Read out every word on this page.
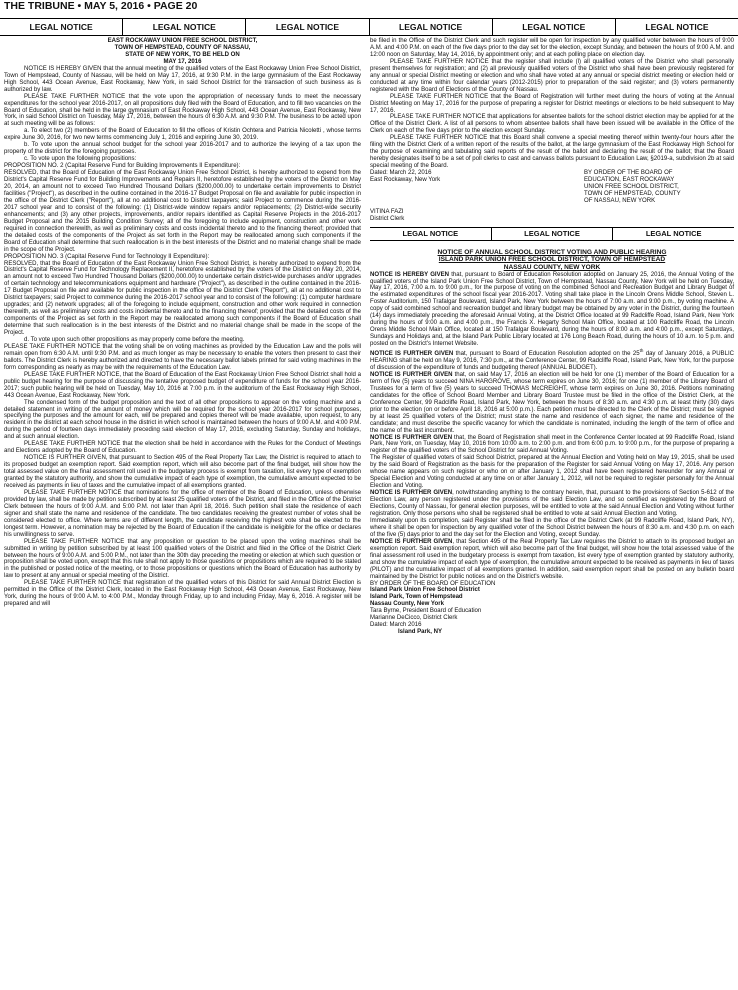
THE TRIBUNE • MAY 5, 2016 • PAGE 20
LEGAL NOTICE	LEGAL NOTICE	LEGAL NOTICE	LEGAL NOTICE	LEGAL NOTICE	LEGAL NOTICE

EAST ROCKAWAY UNION FREE SCHOOL DISTRICT,

TOWN OF HEMPSTEAD, COUNTY OF NASSAU,

STATE OF NEW YORK, TO BE HELD ON

MAY 17, 2016

NOTICE IS HEREBY GIVEN that the annual meeting of the qualified voters of the East Rockaway Union Free School District, Town of Hempstead, County of Nassau, will be held on May 17, 2016, at 9:30 P.M. in the large gymnasium of the East Rockaway High School, 443 Ocean Avenue, East Rockaway, New York, in said School District for the transaction of such business as is authorized by law.

PLEASE TAKE FURTHER NOTICE that the vote upon the appropriation of necessary funds to meet the necessary expenditures for the school year 2016-2017, on all propositions duly filed with the Board of Education, and to fill two vacancies on the Board of Education, shall be held in the large gymnasium of East Rockaway High School, 443 Ocean Avenue, East Rockaway, New York, in said School District on Tuesday, May 17, 2016, between the hours of 6:30 A.M. and 9:30 P.M. The business to be acted upon at such meeting will be as follows:

a. To elect two (2) members of the Board of Education to fill the offices of Kristin Ochtera and Patricia Nicoletti , whose terms expire June 30, 2016, for two new terms commencing July 1, 2016 and expiring June 30, 2019.

b. To vote upon the annual school budget for the school year 2016-2017 and to authorize the levying of a tax upon the property of the district for the foregoing purposes.

c. To vote upon the following propositions:

PROPOSITION NO. 2 (Capital Reserve Fund for Building Improvements II Expenditure):

RESOLVED, that the Board of Education of the East Rockaway Union Free School District, is hereby authorized to expend from the District's Capital Reserve Fund for Building Improvements and Repairs II, heretofore established by the voters of the District on May 20, 2014, an amount not to exceed Two Hundred Thousand Dollars ($200,000.00) to undertake certain improvements to District facilities ("Project"), as described in the outline contained in the 2016-17 Budget Proposal on file and available for public inspection in the office of the District Clerk ("Report"), all at no additional cost to District taxpayers; said Project to commence during the 2016-2017 school year and to consist of the following: (1) District-wide window repairs and/or replacements; (2) District-wide security enhancements; and (3) any other projects, improvements, and/or repairs identified as Capital Reserve Projects in the 2016-2017 Budget Proposal and the 2015 Building Condition Survey; all of the foregoing to include equipment, construction and other work required in connection therewith, as well as preliminary costs and costs incidental thereto and to the financing thereof; provided that the detailed costs of the components of the Project as set forth in the Report may be reallocated among such components if the Board of Education shall determine that such reallocation is in the best interests of the District and no material change shall be made in the scope of the Project.

PROPOSITION NO. 3 (Capital Reserve Fund for Technology II Expenditure):

RESOLVED, that the Board of Education of the East Rockaway Union Free School District, is hereby authorized to expend from the District's Capital Reserve Fund for Technology Replacement II, heretofore established by the voters of the District on May 20, 2014, an amount not to exceed Two Hundred Thousand Dollars ($200,000.00) to undertake certain district-wide purchases and/or upgrades of certain technology and telecommunications equipment and hardware ("Project"), as described in the outline contained in the 2016-17 Budget Proposal on file and available for public inspection in the office of the District Clerk ("Report"), all at no additional cost to District taxpayers; said Project to commence during the 2016-2017 school year and to consist of the following: (1) computer hardware upgrades; and (2) network upgrades; all of the foregoing to include equipment, construction and other work required in connection therewith, as well as preliminary costs and costs incidental thereto and to the financing thereof; provided that the detailed costs of the components of the Project as set forth in the Report may be reallocated among such components if the Board of Education shall determine that such reallocation is in the best interests of the District and no material change shall be made in the scope of the Project.

d. To vote upon such other propositions as may properly come before the meeting.

PLEASE TAKE FURTHER NOTICE that the voting shall be on voting machines as provided by the Education Law and the polls will remain open from 6:30 A.M. until 9:30 P.M. and as much longer as may be necessary to enable the voters then present to cast their ballots. The District Clerk is hereby authorized and directed to have the necessary ballot labels printed for said voting machines in the form corresponding as nearly as may be with the requirements of the Education Law.

PLEASE TAKE FURTHER NOTICE, that the Board of Education of the East Rockaway Union Free School District shall hold a public budget hearing for the purpose of discussing the tentative proposed budget of expenditure of funds for the school year 2016-2017; such public hearing will be held on Tuesday, May 10, 2016 at 7:00 p.m. in the auditorium of the East Rockaway High School, 443 Ocean Avenue, East Rockaway, New York.

The condensed form of the budget proposition and the text of all other propositions to appear on the voting machine and a detailed statement in writing of the amount of money which will be required for the school year 2016-2017 for school purposes, specifying the purposes and the amount for each, will be prepared and copies thereof will be made available, upon request, to any resident in the district at each school house in the district in which school is maintained between the hours of 9:00 A.M. and 4:00 P.M. during the period of fourteen days immediately preceding said election of May 17, 2016, excluding Saturday, Sunday and holidays, and at such annual election.

PLEASE TAKE FURTHER NOTICE that the election shall be held in accordance with the Rules for the Conduct of Meetings and Elections adopted by the Board of Education.

NOTICE IS FURTHER GIVEN, that pursuant to Section 495 of the Real Property Tax Law, the District is required to attach to its proposed budget an exemption report. Said exemption report, which will also become part of the final budget, will show how the total assessed value on the final assessment roll used in the budgetary process is exempt from taxation, list every type of exemption granted by the statutory authority, and show the cumulative impact of each type of exemption, the cumulative amount expected to be received as payments in lieu of taxes and the cumulative impact of all exemptions granted.

PLEASE TAKE FURTHER NOTICE that nominations for the office of member of the Board of Education, unless otherwise provided by law, shall be made by petition subscribed by at least 25 qualified voters of the District, and filed in the Office of the District Clerk between the hours of 9:00 A.M. and 5:00 P.M. not later than April 18, 2016. Such petition shall state the residence of each signer and shall state the name and residence of the candidate. The two candidates receiving the greatest number of votes shall be considered elected to office. Where terms are of different length, the candidate receiving the highest vote shall be elected to the longest term. However, a nomination may be rejected by the Board of Education if the candidate is ineligible for the office or declares his unwillingness to serve.

PLEASE TAKE FURTHER NOTICE that any proposition or question to be placed upon the voting machines shall be submitted in writing by petition subscribed by at least 100 qualified voters of the District and filed in the Office of the District Clerk between the hours of 9:00 A.M. and 5:00 P.M., not later than the 30th day preceding the meeting or election at which such question or proposition shall be voted upon, except that this rule shall not apply to those questions or propositions which are required to be stated in the published or posted notice of the meeting, or to those propositions or questions which the Board of Education has authority by law to present at any annual or special meeting of the District.

PLEASE TAKE FURTHER NOTICE that registration of the qualified voters of this District for said Annual District Election is permitted in the Office of the District Clerk, located in the East Rockaway High School, 443 Ocean Avenue, East Rockaway, New York, during the hours of 9:00 A.M. to 4:00 P.M., Monday through Friday, up to and including Friday, May 6, 2016. A register will be prepared and will

be filed in the Office of the District Clerk and such register will be open for inspection by any qualified voter between the hours of 9:00 A.M. and 4:00 P.M. on each of the five days prior to the day set for the election, except Sunday, and between the hours of 9:00 A.M. and 12:00 noon on Saturday, May 14, 2016, by appointment only; and at each polling place on election day.

PLEASE TAKE FURTHER NOTICE that the register shall include (l) all qualified voters of the District who shall personally present themselves for registration; and (2) all previously qualified voters of the District who shall have been previously registered for any annual or special District meeting or election and who shall have voted at any annual or special district meeting or election held or conducted at any time within four calendar years (2012-2015) prior to preparation of the said register; and (3) voters permanently registered with the Board of Elections of the County of Nassau.

PLEASE TAKE FURTHER NOTICE that the Board of Registration will further meet during the hours of voting at the Annual District Meeting on May 17, 2016 for the purpose of preparing a register for District meetings or elections to be held subsequent to May 17, 2016.

PLEASE TAKE FURTHER NOTICE that applications for absentee ballots for the school district election may be applied for at the Office of the District Clerk. A list of all persons to whom absentee ballots shall have been issued will be available in the Office of the Clerk on each of the five days prior to the election except Sunday.

PLEASE TAKE FURTHER NOTICE that this Board shall convene a special meeting thereof within twenty-four hours after the filing with the District Clerk of a written report of the results of the ballot, at the large gymnasium of the East Rockaway High School for the purpose of examining and tabulating said reports of the result of the ballot and declaring the result of the ballot; that the Board hereby designates itself to be a set of poll clerks to cast and canvass ballots pursuant to Education Law, §2019-a, subdivision 2b at said special meeting of the Board.

Dated: March 22, 2016

East Rockaway, New York

BY ORDER OF THE BOARD OF

EDUCATION, EAST ROCKAWAY

UNION FREE SCHOOL DISTRICT,

TOWN OF HEMPSTEAD, COUNTY

OF NASSAU, NEW YORK

VITINA FAZI

District Clerk

LEGAL NOTICE	LEGAL NOTICE	LEGAL NOTICE

NOTICE OF ANNUAL SCHOOL DISTRICT VOTING AND PUBLIC HEARING

ISLAND PARK UNION FREE SCHOOL DISTRICT, TOWN OF HEMPSTEAD

NASSAU COUNTY, NEW YORK

NOTICE IS HEREBY GIVEN that, pursuant to Board of Education Resolution adopted on January 25, 2016, the Annual Voting of the qualified voters of the Island Park Union Free School District, Town of Hempstead, Nassau County, New York will be held on Tuesday, May 17, 2016, 7:00 a.m. to 9:00 p.m., for the purpose of voting on the combined School and Recreation Budget and Library Budget of the estimated expenditures of the school fiscal year 2016-2017. Voting shall take place in the Lincoln Orens Middle School, Steven L. Foster Auditorium, 150 Trafalgar Boulevard, Island Park, New York between the hours of 7:00 a.m. and 9:00 p.m., by voting machine. A copy of said combined school and recreation budget and library budget may be obtained by any voter in the District, during the fourteen (14) days immediately preceding the aforesaid Annual Voting, at the District Office located at 99 Radcliffe Road, Island Park, New York during the hours of 9:00 a.m. and 4:00 p.m., the Francis X. Hegarty School Main Office, located at 100 Radcliffe Road, the Lincoln Orens Middle School Main Office, located at 150 Trafalgar Boulevard, during the hours of 8:00 a.m. and 4:00 p.m., except Saturdays, Sundays and Holidays and, at the Island Park Public Library located at 176 Long Beach Road, during the hours of 10 a.m. to 5 p.m. and posted on the District's Internet Website.

NOTICE IS FURTHER GIVEN that, pursuant to Board of Education Resolution adopted on the 25th day of January 2016, a PUBLIC HEARING shall be held on May 9, 2016, 7:30 p.m., at the Conference Center, 99 Radcliffe Road, Island Park, New York, for the purpose of discussion of the expenditure of funds and budgeting thereof (ANNUAL BUDGET).

NOTICE IS FURTHER GIVEN that, on said May 17, 2016 an election will be held for one (1) member of the Board of Education for a term of five (5) years to succeed NINA HARGROVE, whose term expires on June 30, 2016; for one (1) member of the Library Board of Trustees for a term of five (5) years to succeed THOMAS McCREIGHT, whose term expires on June 30, 2016. Petitions nominating candidates for the office of School Board Member and Library Board Trustee must be filed in the office of the District Clerk, at the Conference Center, 99 Radcliffe Road, Island Park, New York, between the hours of 8:30 a.m. and 4:30 p.m. at least thirty (30) days prior to the election (on or before April 18, 2016 at 5:00 p.m.). Each petition must be directed to the Clerk of the District; must be signed by at least 25 qualified voters of the District; must state the name and residence of each signer, the name and residence of the candidate; and must describe the specific vacancy for which the candidate is nominated, including the length of the term of office and the name of the last incumbent.

NOTICE IS FURTHER GIVEN that, the Board of Registration shall meet in the Conference Center located at 99 Radcliffe Road, Island Park, New York, on Tuesday, May 10, 2016 from 10:00 a.m. to 2:00 p.m. and from 6:00 p.m. to 9:00 p.m., for the purpose of preparing a register of the qualified voters of the School District for said Annual Voting.

The Register of qualified voters of said School District, prepared at the Annual Election and Voting held on May 19, 2015, shall be used by the said Board of Registration as the basis for the preparation of the Register for said Annual Voting on May 17, 2016. Any person whose name appears on such register or who on or after January 1, 2012 shall have been registered hereunder for any Annual or Special Election and Voting conducted at any time on or after January 1, 2012, will not be required to register personally for the Annual Election and Voting.

NOTICE IS FURTHER GIVEN, notwithstanding anything to the contrary herein, that, pursuant to the provisions of Section 5-612 of the Election Law, any person registered under the provisions of the said Election Law, and so certified as registered by the Board of Elections, County of Nassau, for general election purposes, will be entitled to vote at the said Annual Election and Voting without further registration. Only those persons who shall be registered shall be entitled to vote at said Annual Election and Voting.

Immediately upon its completion, said Register shall be filed in the office of the District Clerk (at 99 Radcliffe Road, Island Park, NY), where it shall be open for inspection by any qualified voter of the School District between the hours of 8:30 a.m. and 4:30 p.m. on each of the five (5) days prior to and the day set for the Election and Voting, except Sunday.

NOTICE IS FURTHER GIVEN, that Section 495 of the Real Property Tax Law requires the District to attach to its proposed budget an exemption report. Said exemption report, which will also become part of the final budget, will show how the total assessed value of the final assessment roll used in the budgetary process is exempt from taxation, list every type of exemption granted by statutory authority, and show the cumulative impact of each type of exemption, the cumulative amount expected to be received as payments in lieu of taxes (PILOT) and the cumulative impact of all exemptions granted. In addition, said exemption report shall be posted on any bulletin board maintained by the District for public notices and on the District's website.

BY ORDER OF THE BOARD OF EDUCATION

Island Park Union Free School District

Island Park, Town of Hempstead

Nassau County, New York

Tara Byrne, President Board of Education

Marianne DeCicco, District Clerk

Dated: March 2016

Island Park, NY
